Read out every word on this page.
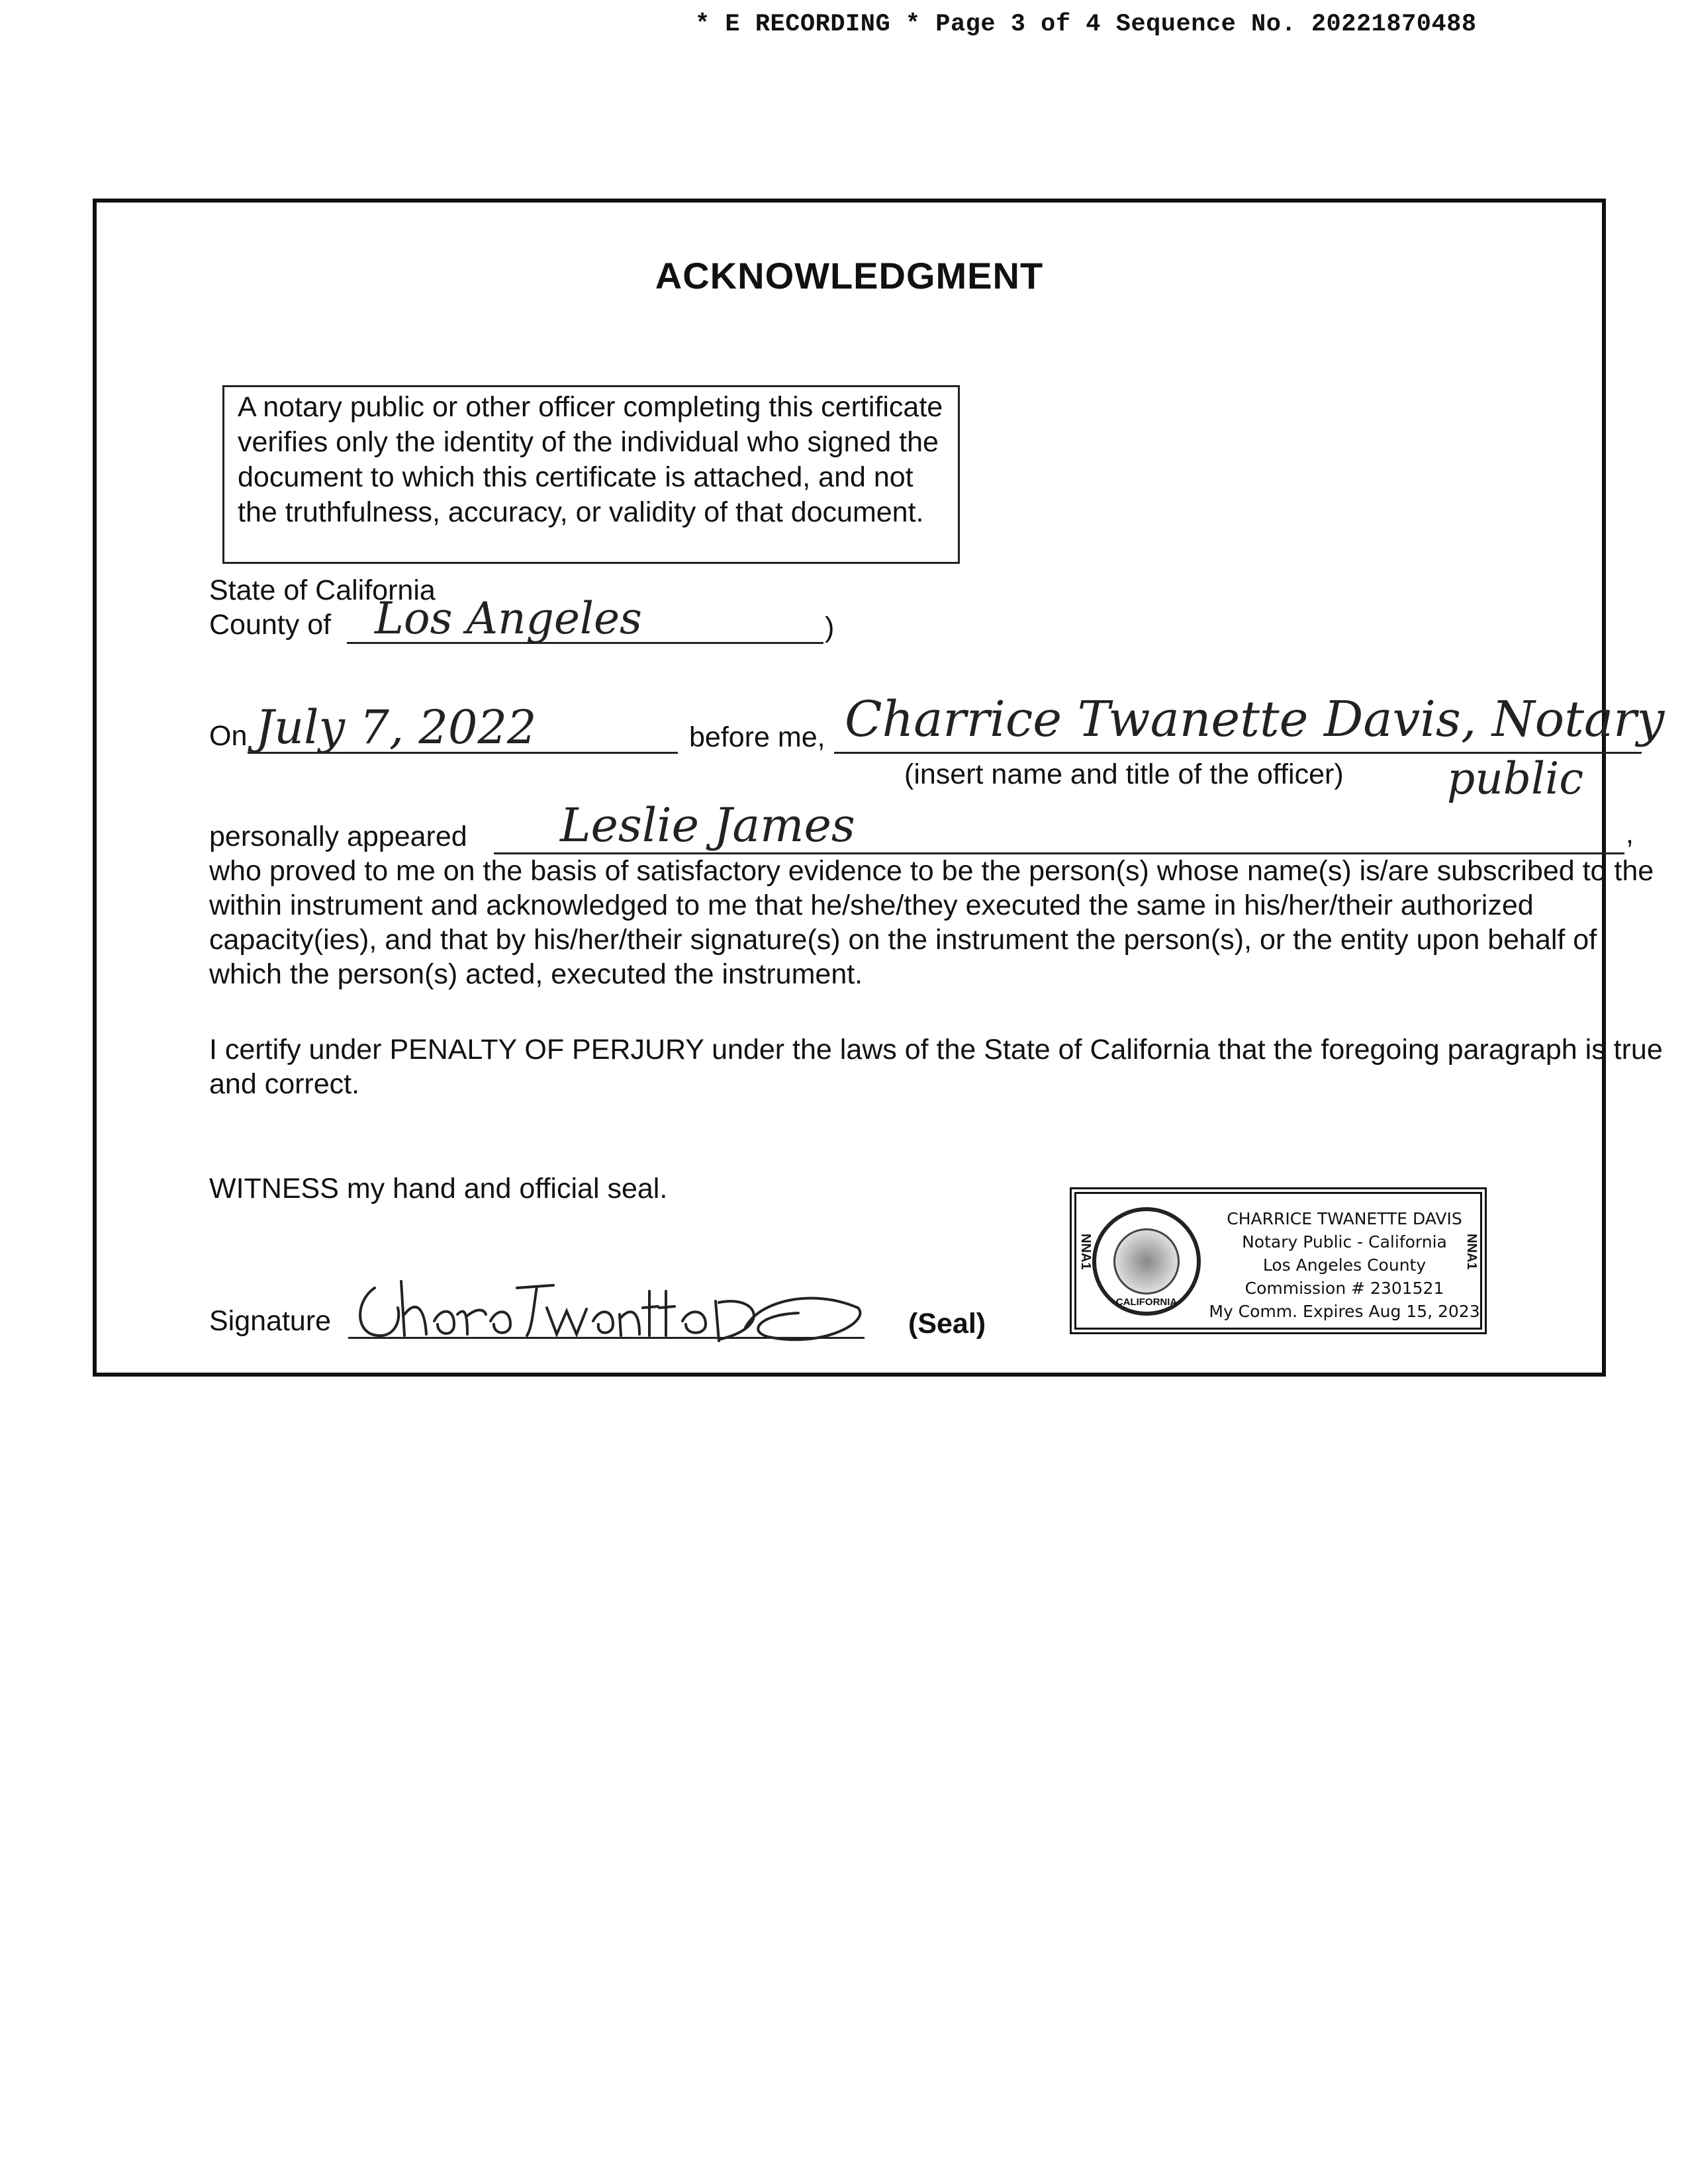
* E RECORDING * Page 3 of 4 Sequence No. 20221870488
ACKNOWLEDGMENT
A notary public or other officer completing this certificate verifies only the identity of the individual who signed the document to which this certificate is attached, and not the truthfulness, accuracy, or validity of that document.
State of California
County of Los Angeles	)
On July 7, 2022	before me, Charrice Twanette Davis, Notary
(insert name and title of the officer) public
personally appeared Leslie James	,
who proved to me on the basis of satisfactory evidence to be the person(s) whose name(s) is/are subscribed to the within instrument and acknowledged to me that he/she/they executed the same in his/her/their authorized capacity(ies), and that by his/her/their signature(s) on the instrument the person(s), or the entity upon behalf of which the person(s) acted, executed the instrument.
I certify under PENALTY OF PERJURY under the laws of the State of California that the foregoing paragraph is true and correct.
WITNESS my hand and official seal.
Signature	(Seal)
CALIFORNIA
NNA1	NNA1
CHARRICE TWANETTE DAVIS
Notary Public - California
Los Angeles County
Commission # 2301521
My Comm. Expires Aug 15, 2023
